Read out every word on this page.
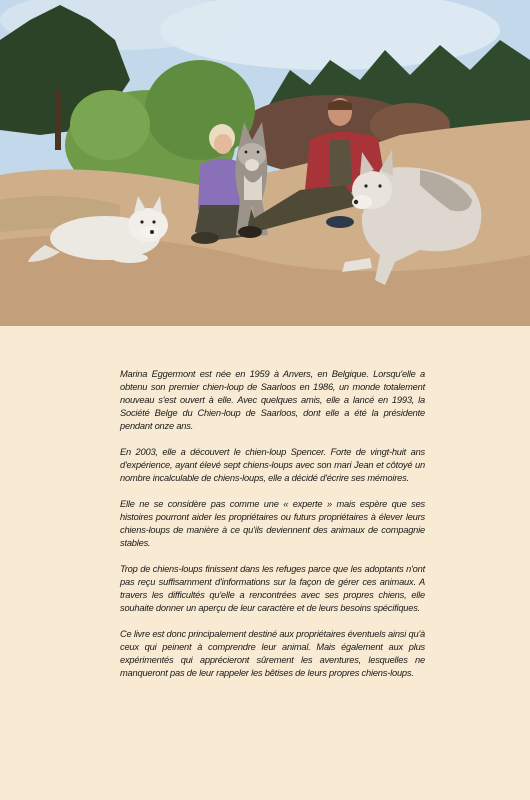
Marina Eggermont est née en 1959 à Anvers, en Belgique. Lorsqu'elle a obtenu son premier chien-loup de Saarloos en 1986, un monde totalement nouveau s'est ouvert à elle. Avec quelques amis, elle a lancé en 1993, la Société Belge du Chien-loup de Saarloos, dont elle a été la présidente pendant onze ans.

En 2003, elle a découvert le chien-loup Spencer. Forte de vingt-huit ans d'expérience, ayant élevé sept chiens-loups avec son mari Jean et côtoyé un nombre incalculable de chiens-loups, elle a décidé d'écrire ses mémoires.

Elle ne se considère pas comme une « experte » mais espère que ses histoires pourront aider les propriétaires ou futurs propriétaires à élever leurs chiens-loups de manière à ce qu'ils deviennent des animaux de compagnie stables.

Trop de chiens-loups finissent dans les refuges parce que les adoptants n'ont pas reçu suffisamment d'informations sur la façon de gérer ces animaux. A travers les difficultés qu'elle a rencontrées avec ses propres chiens, elle souhaite donner un aperçu de leur caractère et de leurs besoins spécifiques.

Ce livre est donc principalement destiné aux propriétaires éventuels ainsi qu'à ceux qui peinent à comprendre leur animal. Mais également aux plus expérimentés qui apprécieront sûrement les aventures, lesquelles ne manqueront pas de leur rappeler les bêtises de leurs propres chiens-loups.
